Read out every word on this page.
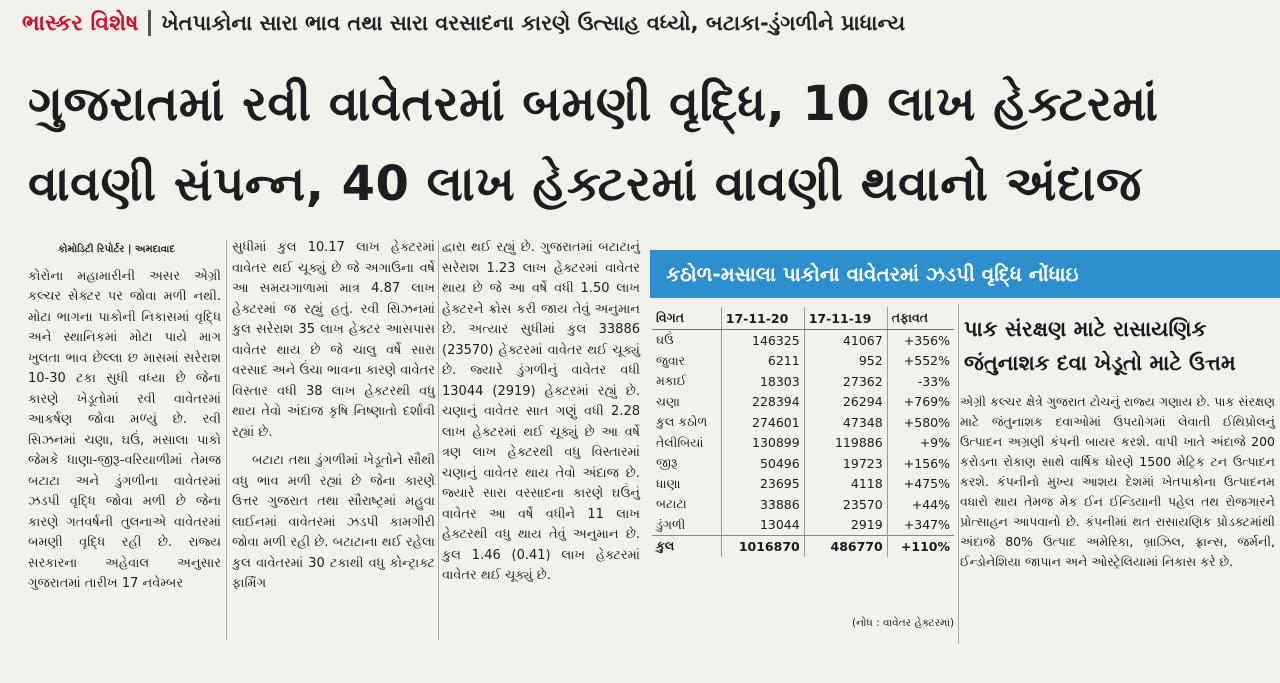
ભાસ્કર વિશેષ ખેતપાકોના સારા ભાવ તથા સારા વરસાદના કારણે ઉત્સાહ વધ્યો, બટાકા-ડુંગળીને પ્રાધાન્ય
ગુજરાતમાં રવી વાવેતરમાં બમણી વૃદ્ધિ, 10 લાખ હેક્ટરમાં
વાવણી સંપન્ન, 40 લાખ હેક્ટરમાં વાવણી થવાનો અંદાજ
કોમોડિટી રિપોર્ટર | અમદાવાદ

કોરોના મહામારીની અસર એગ્રી કલ્ચર સેક્ટર પર જોવા મળી નથી. મોટા ભાગના પાકોની નિકાસમાં વૃદ્ધિ અને સ્થાનિકમાં મોટા પાયે માગ ખુલતા ભાવ છેલ્લા છ માસમાં સરેરાશ 10-30 ટકા સુધી વધ્યા છે જેના કારણે ખેડૂતોમાં રવી વાવેતરમાં આકર્ષણ જોવા મળ્યું છે. રવી સિઝનમાં ચણા, ઘઉં, મસાલા પાકો જેમકે ધાણા-જીરૂ-વરિયાળીમાં તેમજ બટાટા અને ડુંગળીના વાવેતરમાં ઝડપી વૃદ્ધિ જોવા મળી છે જેના કારણે ગતવર્ષની તુલનાએ વાવેતરમાં બમણી વૃદ્ધિ રહી છે. રાજ્ય સરકારના અહેવાલ અનુસાર ગુજરાતમાં તારીખ 17 નવેમ્બર

સુધીમાં કુલ 10.17 લાખ હેક્ટરમાં વાવેતર થઈ ચૂક્યું છે જે અગાઉના વર્ષે આ સમયગાળામાં માત્ર 4.87 લાખ હેક્ટરમાં જ રહ્યું હતું. રવી સિઝનમાં કુલ સરેરાશ 35 લાખ હેક્ટર આસપાસ વાવેતર થાય છે જે ચાલુ વર્ષે સારા વરસાદ અને ઉંચા ભાવના કારણે વાવેતર વિસ્તાર વધી 38 લાખ હેક્ટરથી વધુ થાય તેવો અંદાજ કૃષિ નિષ્ણાતો દર્શાવી રહ્યાં છે.

બટાટા તથા ડુંગળીમાં ખેડૂતોને સૌથી વધુ ભાવ મળી રહ્યાં છે જેના કારણે ઉત્તર ગુજરાત તથા સૌરાષ્ટ્રમાં મહુવા લાઈનમાં વાવેતરમાં ઝડપી કામગીરી જોવા મળી રહી છે. બટાટાના થઈ રહેલા કુલ વાવેતરમાં 30 ટકાથી વધુ કોન્ટ્રાક્ટ ફાર્મિંગ

દ્વારા થઈ રહ્યું છે. ગુજરાતમાં બટાટાનું સરેરાશ 1.23 લાખ હેક્ટરમાં વાવેતર થાય છે જે આ વર્ષે વધી 1.50 લાખ હેક્ટરને ક્રોસ કરી જાય તેવું અનુમાન છે. અત્યાર સુધીમાં કુલ 33886 (23570) હેક્ટરમાં વાવેતર થઈ ચૂક્યું છે. જ્યારે ડુંગળીનું વાવેતર વધી 13044 (2919) હેક્ટરમાં રહ્યું છે. ચણાનું વાવેતર સાત ગણું વધી 2.28 લાખ હેક્ટરમાં થઈ ચૂક્યું છે આ વર્ષે ત્રણ લાખ હેક્ટરથી વધુ વિસ્તારમાં ચણાનું વાવેતર થાય તેવો અંદાજ છે. જ્યારે સારા વરસાદના કારણે ઘઉંનું વાવેતર આ વર્ષે વધીને 11 લાખ હેક્ટરથી વધુ થાય તેવું અનુમાન છે. કુલ 1.46 (0.41) લાખ હેક્ટરમાં વાવેતર થઈ ચૂક્યું છે.

કઠોળ-મસાલા પાકોના વાવેતરમાં ઝડપી વૃદ્ધિ નોંધાઇ
વિગત	17-11-20	17-11-19	તફાવત
ઘઉં	146325	41067	+356%
જુવાર	6211	952	+552%
મકાઈ	18303	27362	-33%
ચણા	228394	26294	+769%
કુલ કઠોળ	274601	47348	+580%
તેલીબિયાં	130899	119886	+9%
જીરૂ	50496	19723	+156%
ધાણા	23695	4118	+475%
બટાટા	33886	23570	+44%
ડુંગળી	13044	2919	+347%
કુલ	1016870	486770	+110%
(નોંધ : વાવેતર હેક્ટરમાં)
પાક સંરક્ષણ માટે રાસાયણિક જંતુનાશક દવા ખેડૂતો માટે ઉત્તમ
એગ્રી કલ્ચર ક્ષેત્રે ગુજરાત ટોચનું રાજ્ય ગણાય છે. પાક સંરક્ષણ માટે જંતુનાશક દવાઓમાં ઉપયોગમાં લેવાતી ઈથિપ્રોલનું ઉત્પાદન અગ્રણી કંપની બાયર કરશે. વાપી ખાતે અંદાજે 200 કરોડના રોકાણ સાથે વાર્ષિક ધોરણે 1500 મેટ્રિક ટન ઉત્પાદન કરશે. કંપનીનો મુખ્ય આશય દેશમાં ખેતપાકોના ઉત્પાદનમ વધારો થાય તેમજ મેક ઈન ઈન્ડિયાની પહેલ તથ રોજગારને પ્રોત્સાહન આપવાનો છે. કંપનીમાં થત રાસાયણિક પ્રોડક્ટમાંથી અંદાજે 80% ઉત્પાદ અમેરિકા, બ્રાઝિલ, ફ્રાન્સ, જર્મની, ઈન્ડોનેશિયા જાપાન અને ઓસ્ટ્રેલિયામાં નિકાસ કરે છે.
